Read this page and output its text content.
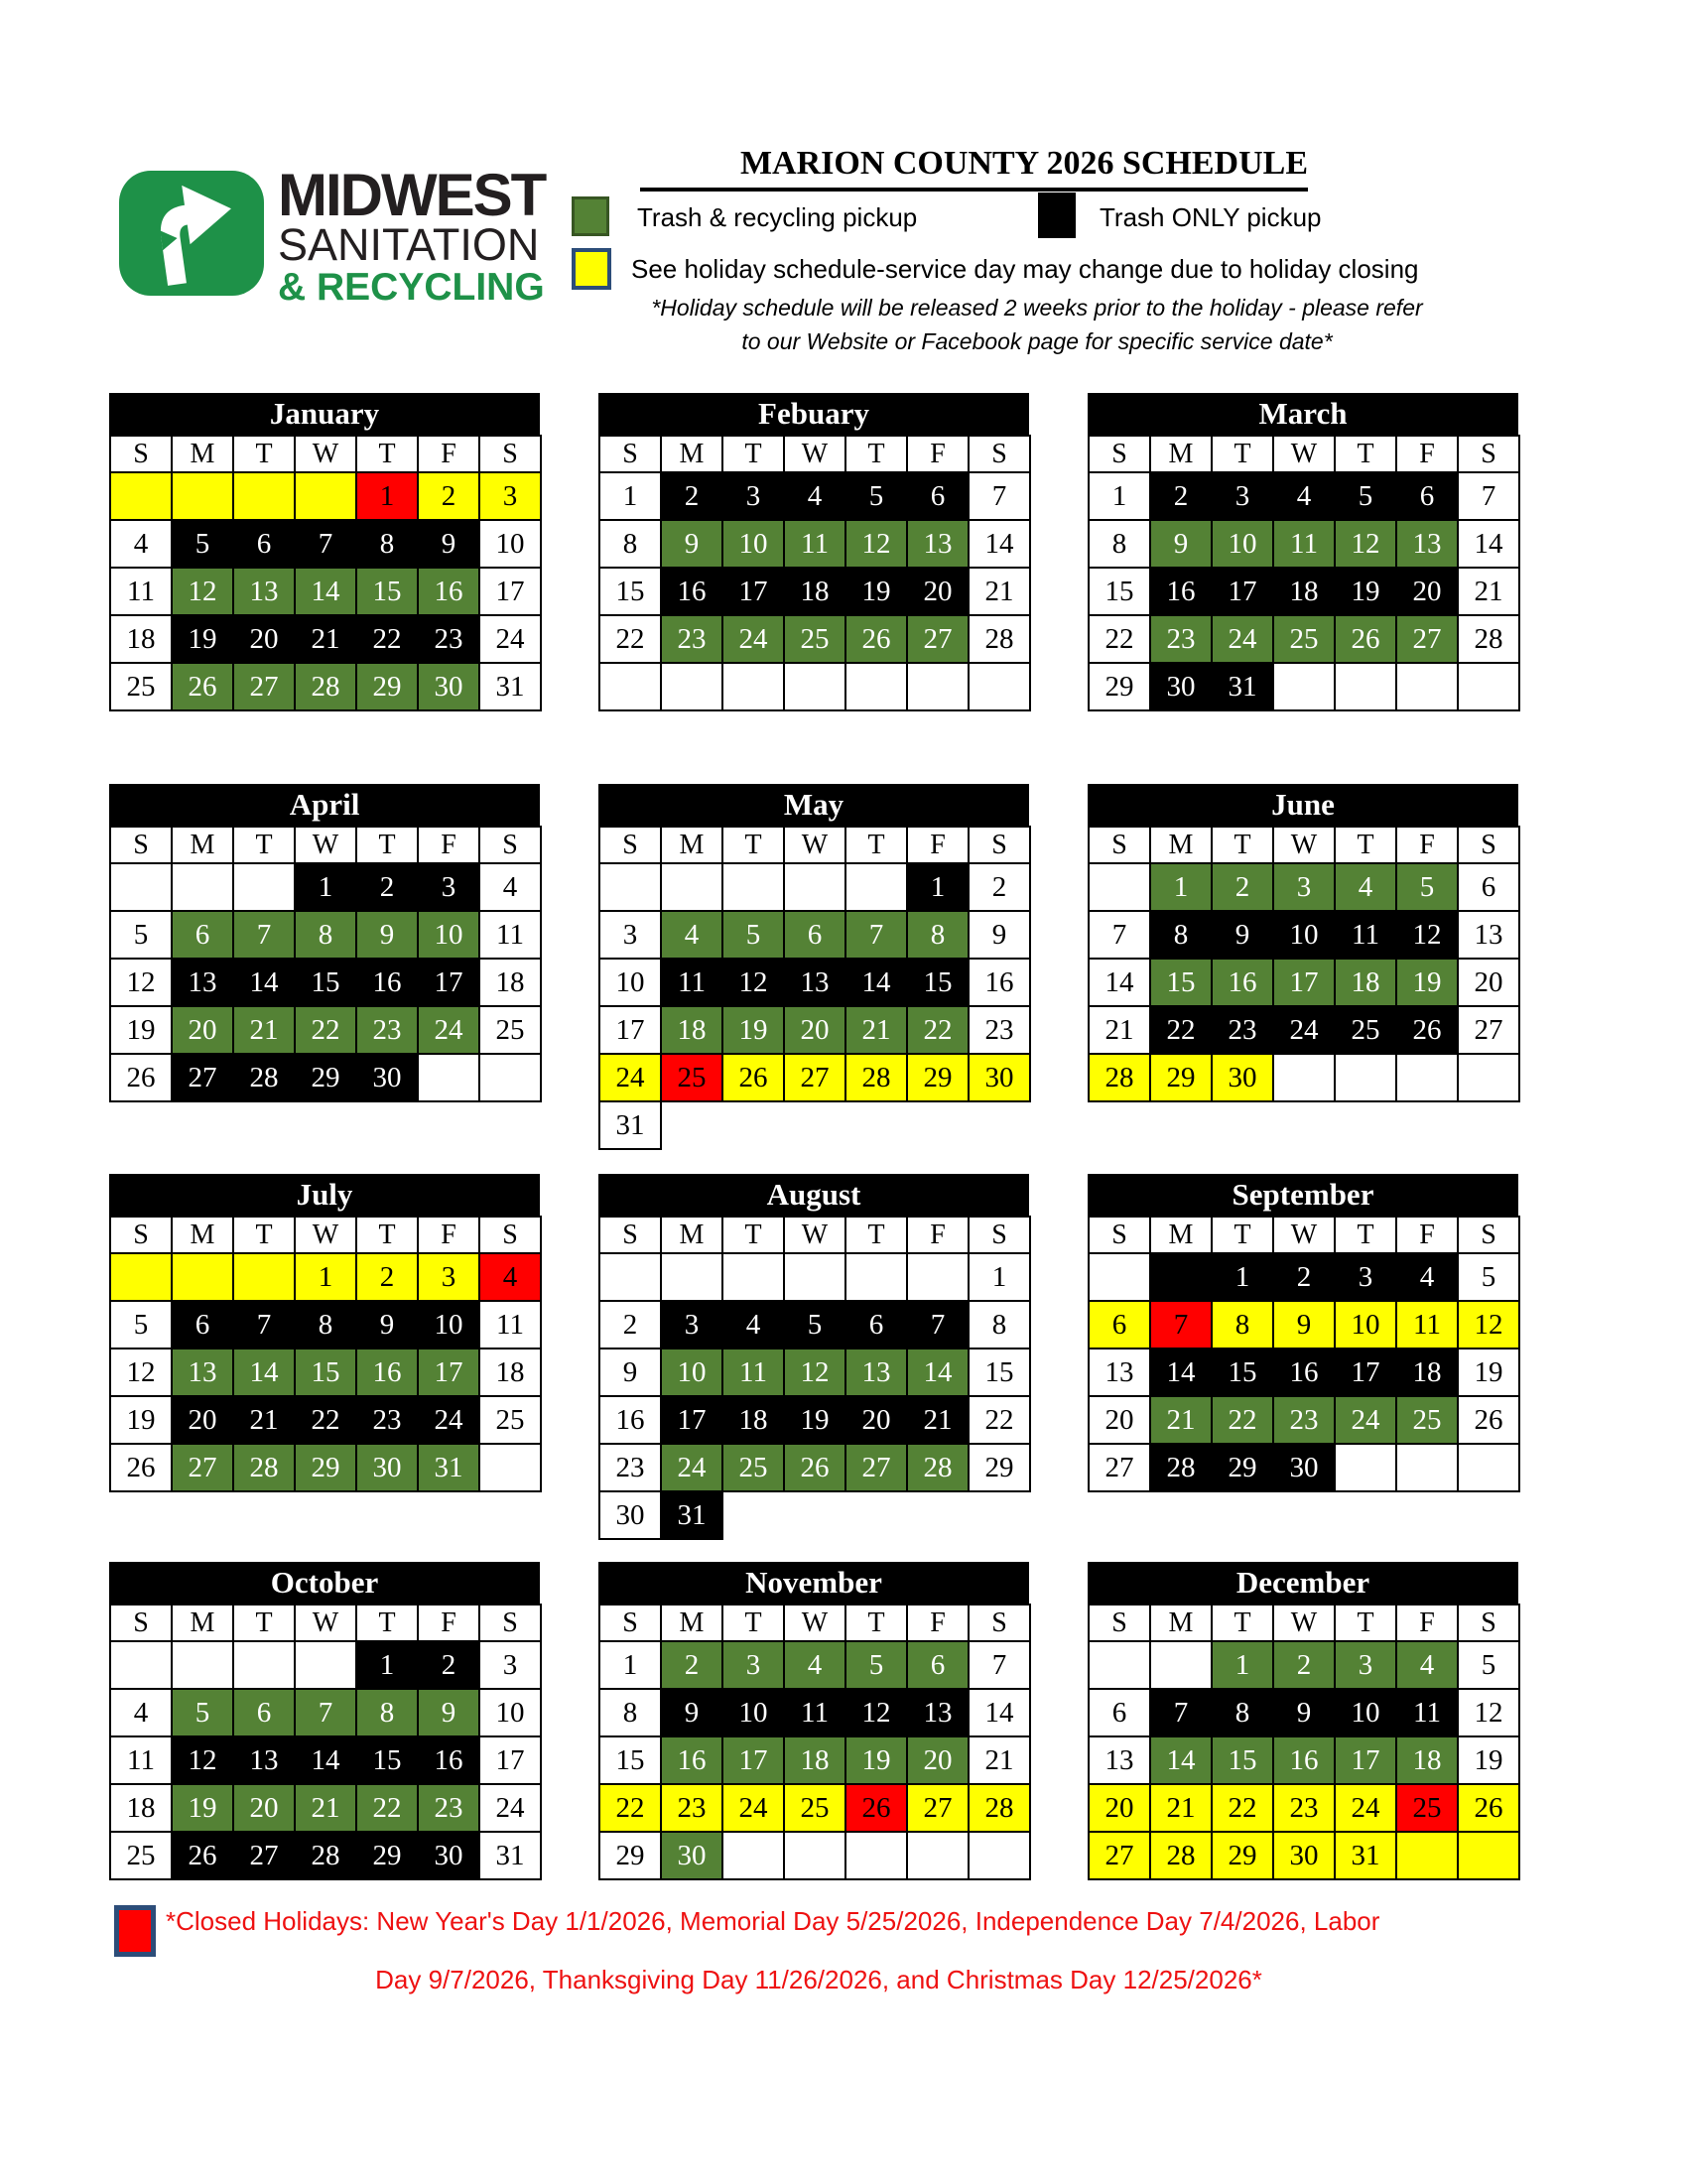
MIDWEST
SANITATION
& RECYCLING
MARION COUNTY 2026 SCHEDULE
Trash & recycling pickup	Trash ONLY pickup
See holiday schedule-service day may change due to holiday closing
*Holiday schedule will be released 2 weeks prior to the holiday - please refer
to our Website or Facebook page for specific service date*
January
S	M	T	W	T	F	S
				1	2	3
4	5	6	7	8	9	10
11	12	13	14	15	16	17
18	19	20	21	22	23	24
25	26	27	28	29	30	31
Febuary
S	M	T	W	T	F	S
1	2	3	4	5	6	7
8	9	10	11	12	13	14
15	16	17	18	19	20	21
22	23	24	25	26	27	28

March
S	M	T	W	T	F	S
1	2	3	4	5	6	7
8	9	10	11	12	13	14
15	16	17	18	19	20	21
22	23	24	25	26	27	28
29	30	31				
April
S	M	T	W	T	F	S
			1	2	3	4
5	6	7	8	9	10	11
12	13	14	15	16	17	18
19	20	21	22	23	24	25
26	27	28	29	30		
May
S	M	T	W	T	F	S
					1	2
3	4	5	6	7	8	9
10	11	12	13	14	15	16
17	18	19	20	21	22	23
24	25	26	27	28	29	30
31						
June
S	M	T	W	T	F	S
	1	2	3	4	5	6
7	8	9	10	11	12	13
14	15	16	17	18	19	20
21	22	23	24	25	26	27
28	29	30				
July
S	M	T	W	T	F	S
			1	2	3	4
5	6	7	8	9	10	11
12	13	14	15	16	17	18
19	20	21	22	23	24	25
26	27	28	29	30	31	
August
S	M	T	W	T	F	S
						1
2	3	4	5	6	7	8
9	10	11	12	13	14	15
16	17	18	19	20	21	22
23	24	25	26	27	28	29
30	31					
September
S	M	T	W	T	F	S
		1	2	3	4	5
6	7	8	9	10	11	12
13	14	15	16	17	18	19
20	21	22	23	24	25	26
27	28	29	30			
October
S	M	T	W	T	F	S
				1	2	3
4	5	6	7	8	9	10
11	12	13	14	15	16	17
18	19	20	21	22	23	24
25	26	27	28	29	30	31
November
S	M	T	W	T	F	S
1	2	3	4	5	6	7
8	9	10	11	12	13	14
15	16	17	18	19	20	21
22	23	24	25	26	27	28
29	30					
December
S	M	T	W	T	F	S
		1	2	3	4	5
6	7	8	9	10	11	12
13	14	15	16	17	18	19
20	21	22	23	24	25	26
27	28	29	30	31		
*Closed Holidays: New Year's Day 1/1/2026, Memorial Day 5/25/2026, Independence Day 7/4/2026, Labor
Day 9/7/2026, Thanksgiving Day 11/26/2026, and Christmas Day 12/25/2026*
